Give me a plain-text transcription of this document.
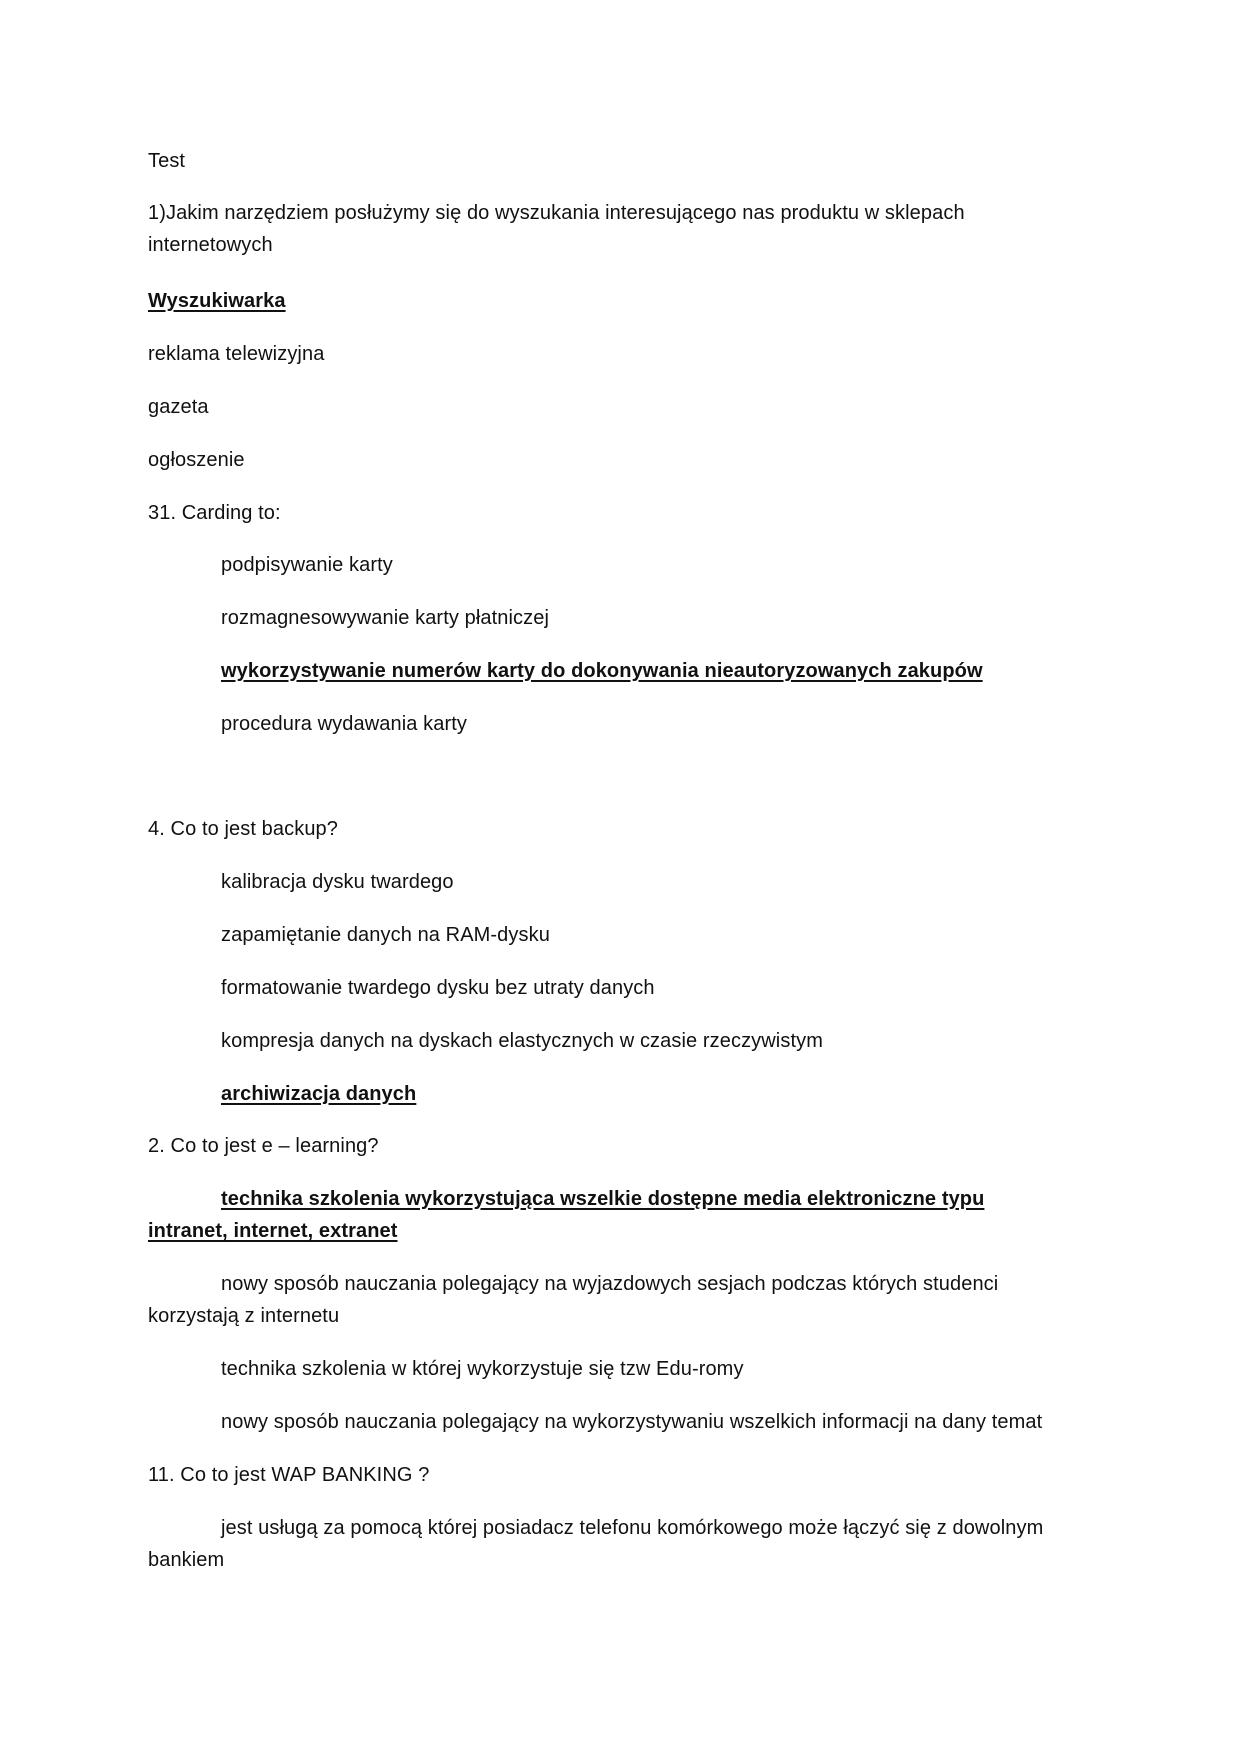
Test
1)Jakim narzędziem posłużymy się do wyszukania interesującego nas produktu w sklepach internetowych
Wyszukiwarka
reklama telewizyjna
gazeta
ogłoszenie
31. Carding to:
podpisywanie karty
rozmagnesowywanie karty płatniczej
wykorzystywanie numerów karty do dokonywania nieautoryzowanych zakupów
procedura wydawania karty
4. Co to jest backup?
kalibracja dysku twardego
zapamiętanie danych na RAM-dysku
formatowanie twardego dysku bez utraty danych
kompresja danych na dyskach elastycznych w czasie rzeczywistym
archiwizacja danych
2. Co to jest e – learning?
technika szkolenia wykorzystująca wszelkie dostępne media elektroniczne typu intranet, internet, extranet
nowy sposób nauczania polegający na wyjazdowych sesjach podczas których studenci korzystają z internetu
technika szkolenia w której wykorzystuje się tzw Edu-romy
nowy sposób nauczania polegający na wykorzystywaniu wszelkich informacji na dany temat
11. Co to jest WAP BANKING ?
jest usługą za pomocą której posiadacz telefonu komórkowego może łączyć się z dowolnym bankiem
